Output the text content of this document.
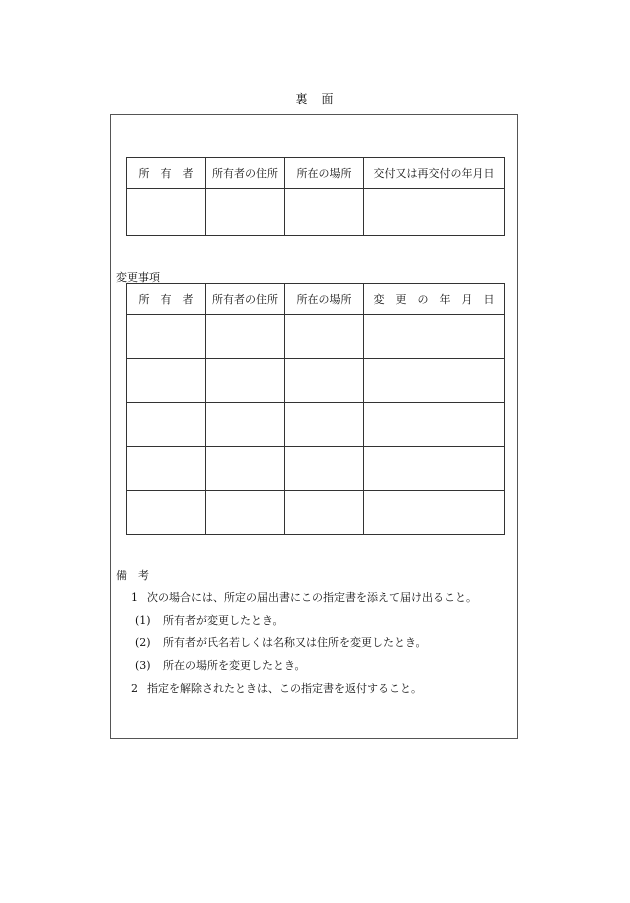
裏　面
所　有　者	所有者の住所	所在の場所	交付又は再交付の年月日

変更事項
所　有　者	所有者の住所	所在の場所	変　更　の　年　月　日

備　考
1 次の場合には、所定の届出書にこの指定書を添えて届け出ること。
(1) 所有者が変更したとき。
(2) 所有者が氏名若しくは名称又は住所を変更したとき。
(3) 所在の場所を変更したとき。
2 指定を解除されたときは、この指定書を返付すること。
